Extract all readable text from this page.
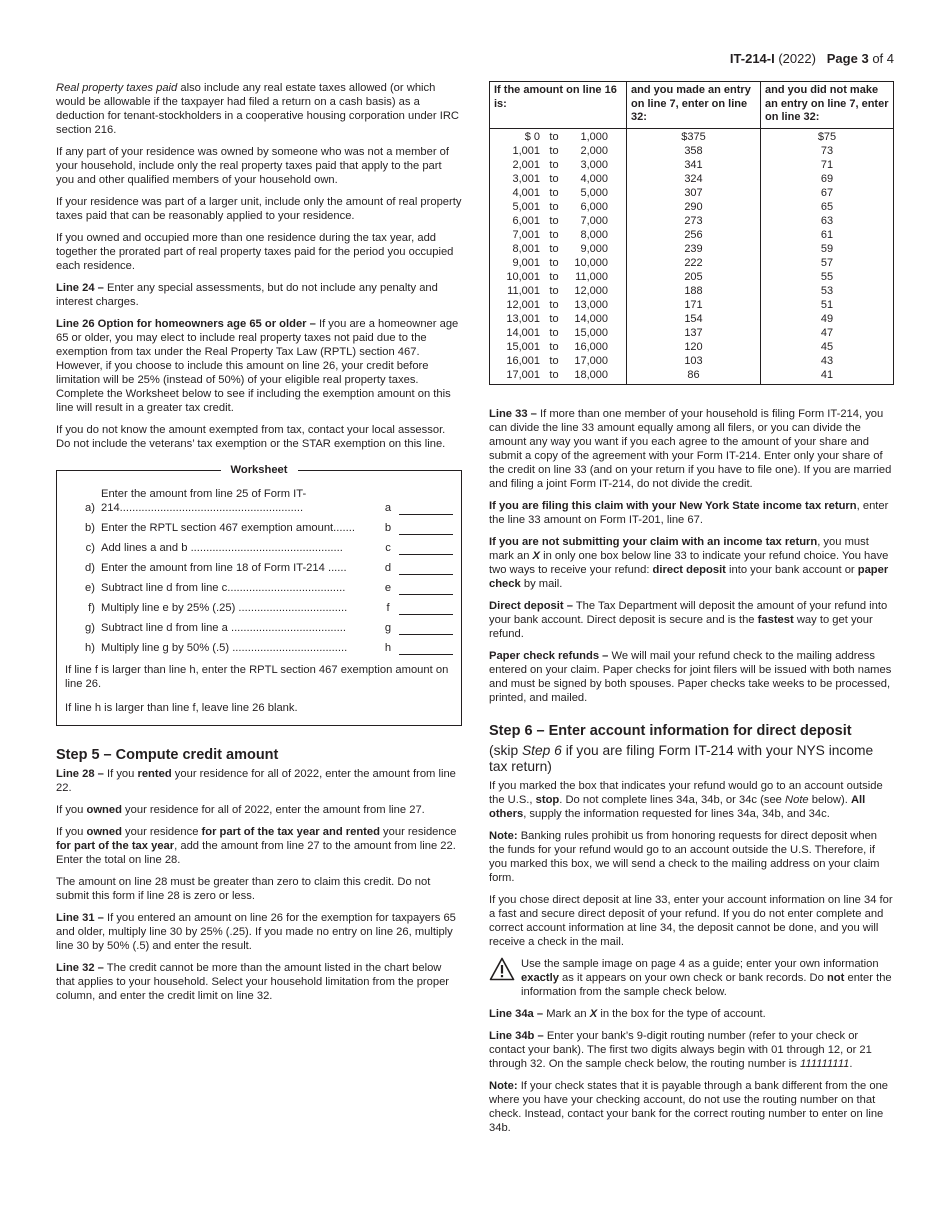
IT-214-I (2022) Page 3 of 4

Real property taxes paid also include any real estate taxes allowed (or which would be allowable if the taxpayer had filed a return on a cash basis) as a deduction for tenant-stockholders in a cooperative housing corporation under IRC section 216.

If any part of your residence was owned by someone who was not a member of your household, include only the real property taxes paid that apply to the part you and other qualified members of your household own.

If your residence was part of a larger unit, include only the amount of real property taxes paid that can be reasonably applied to your residence.

If you owned and occupied more than one residence during the tax year, add together the prorated part of real property taxes paid for the period you occupied each residence.

Line 24 – Enter any special assessments, but do not include any penalty and interest charges.

Line 26 Option for homeowners age 65 or older – If you are a homeowner age 65 or older, you may elect to include real property taxes not paid due to the exemption from tax under the Real Property Tax Law (RPTL) section 467. However, if you choose to include this amount on line 26, your credit before limitation will be 25% (instead of 50%) of your eligible real property taxes. Complete the Worksheet below to see if including the exemption amount on this line will result in a greater tax credit.

If you do not know the amount exempted from tax, contact your local assessor. Do not include the veterans’ tax exemption or the STAR exemption on this line.

Worksheet
a)
Enter the amount from line 25 of Form IT-214...........................................................	a
b) Enter the RPTL section 467 exemption amount.......	b
c) Add lines a and b .................................................	c
d) Enter the amount from line 18 of Form IT-214 ......	d
e) Subtract line d from line c......................................	e
f) Multiply line e by 25% (.25) ...................................	f
g) Subtract line d from line a .....................................	g
h) Multiply line g by 50% (.5) .....................................	h

If line f is larger than line h, enter the RPTL section 467 exemption amount on line 26.

If line h is larger than line f, leave line 26 blank.

Step 5 – Compute credit amount

Line 28 – If you rented your residence for all of 2022, enter the amount from line 22.

If you owned your residence for all of 2022, enter the amount from line 27.

If you owned your residence for part of the tax year and rented your residence for part of the tax year, add the amount from line 27 to the amount from line 22. Enter the total on line 28.

The amount on line 28 must be greater than zero to claim this credit. Do not submit this form if line 28 is zero or less.

Line 31 – If you entered an amount on line 26 for the exemption for taxpayers 65 and older, multiply line 30 by 25% (.25). If you made no entry on line 26, multiply line 30 by 50% (.5) and enter the result.

Line 32 – The credit cannot be more than the amount listed in the chart below that applies to your household. Select your household limitation from the proper column, and enter the credit limit on line 32.

If the amount on line 16 is:	and you made an entry on line 7, enter on line 32:	and you did not make an entry on line 7, enter on line 32:

$ 0 to 1,000	$375	$75

1,001 to 2,000	358	73

2,001 to 3,000	341	71

3,001 to 4,000	324	69

4,001 to 5,000	307	67

5,001 to 6,000	290	65

6,001 to 7,000	273	63

7,001 to 8,000	256	61

8,001 to 9,000	239	59

9,001 to 10,000	222	57

10,001 to 11,000	205	55

11,001 to 12,000	188	53

12,001 to 13,000	171	51

13,001 to 14,000	154	49

14,001 to 15,000	137	47

15,001 to 16,000	120	45

16,001 to 17,000	103	43

17,001 to 18,000	86	41

Line 33 – If more than one member of your household is filing Form IT-214, you can divide the line 33 amount equally among all filers, or you can divide the amount any way you want if you each agree to the amount of your share and submit a copy of the agreement with your Form IT-214. Enter only your share of the credit on line 33 (and on your return if you have to file one). If you are married and filing a joint Form IT-214, do not divide the credit.

If you are filing this claim with your New York State income tax return, enter the line 33 amount on Form IT-201, line 67.

If you are not submitting your claim with an income tax return, you must mark an X in only one box below line 33 to indicate your refund choice. You have two ways to receive your refund: direct deposit into your bank account or paper check by mail.

Direct deposit – The Tax Department will deposit the amount of your refund into your bank account. Direct deposit is secure and is the fastest way to get your refund.

Paper check refunds – We will mail your refund check to the mailing address entered on your claim. Paper checks for joint filers will be issued with both names and must be signed by both spouses. Paper checks take weeks to be processed, printed, and mailed.

Step 6 – Enter account information for direct deposit
(skip Step 6 if you are filing Form IT-214 with your NYS income tax return)

If you marked the box that indicates your refund would go to an account outside the U.S., stop. Do not complete lines 34a, 34b, or 34c (see Note below). All others, supply the information requested for lines 34a, 34b, and 34c.

Note: Banking rules prohibit us from honoring requests for direct deposit when the funds for your refund would go to an account outside the U.S. Therefore, if you marked this box, we will send a check to the mailing address on your claim form.

If you chose direct deposit at line 33, enter your account information on line 34 for a fast and secure direct deposit of your refund. If you do not enter complete and correct account information at line 34, the deposit cannot be done, and you will receive a check in the mail.

Use the sample image on page 4 as a guide; enter your own information exactly as it appears on your own check or bank records. Do not enter the information from the sample check below.

Line 34a – Mark an X in the box for the type of account.

Line 34b – Enter your bank’s 9-digit routing number (refer to your check or contact your bank). The first two digits always begin with 01 through 12, or 21 through 32. On the sample check below, the routing number is 111111111.

Note: If your check states that it is payable through a bank different from the one where you have your checking account, do not use the routing number on that check. Instead, contact your bank for the correct routing number to enter on line 34b.
